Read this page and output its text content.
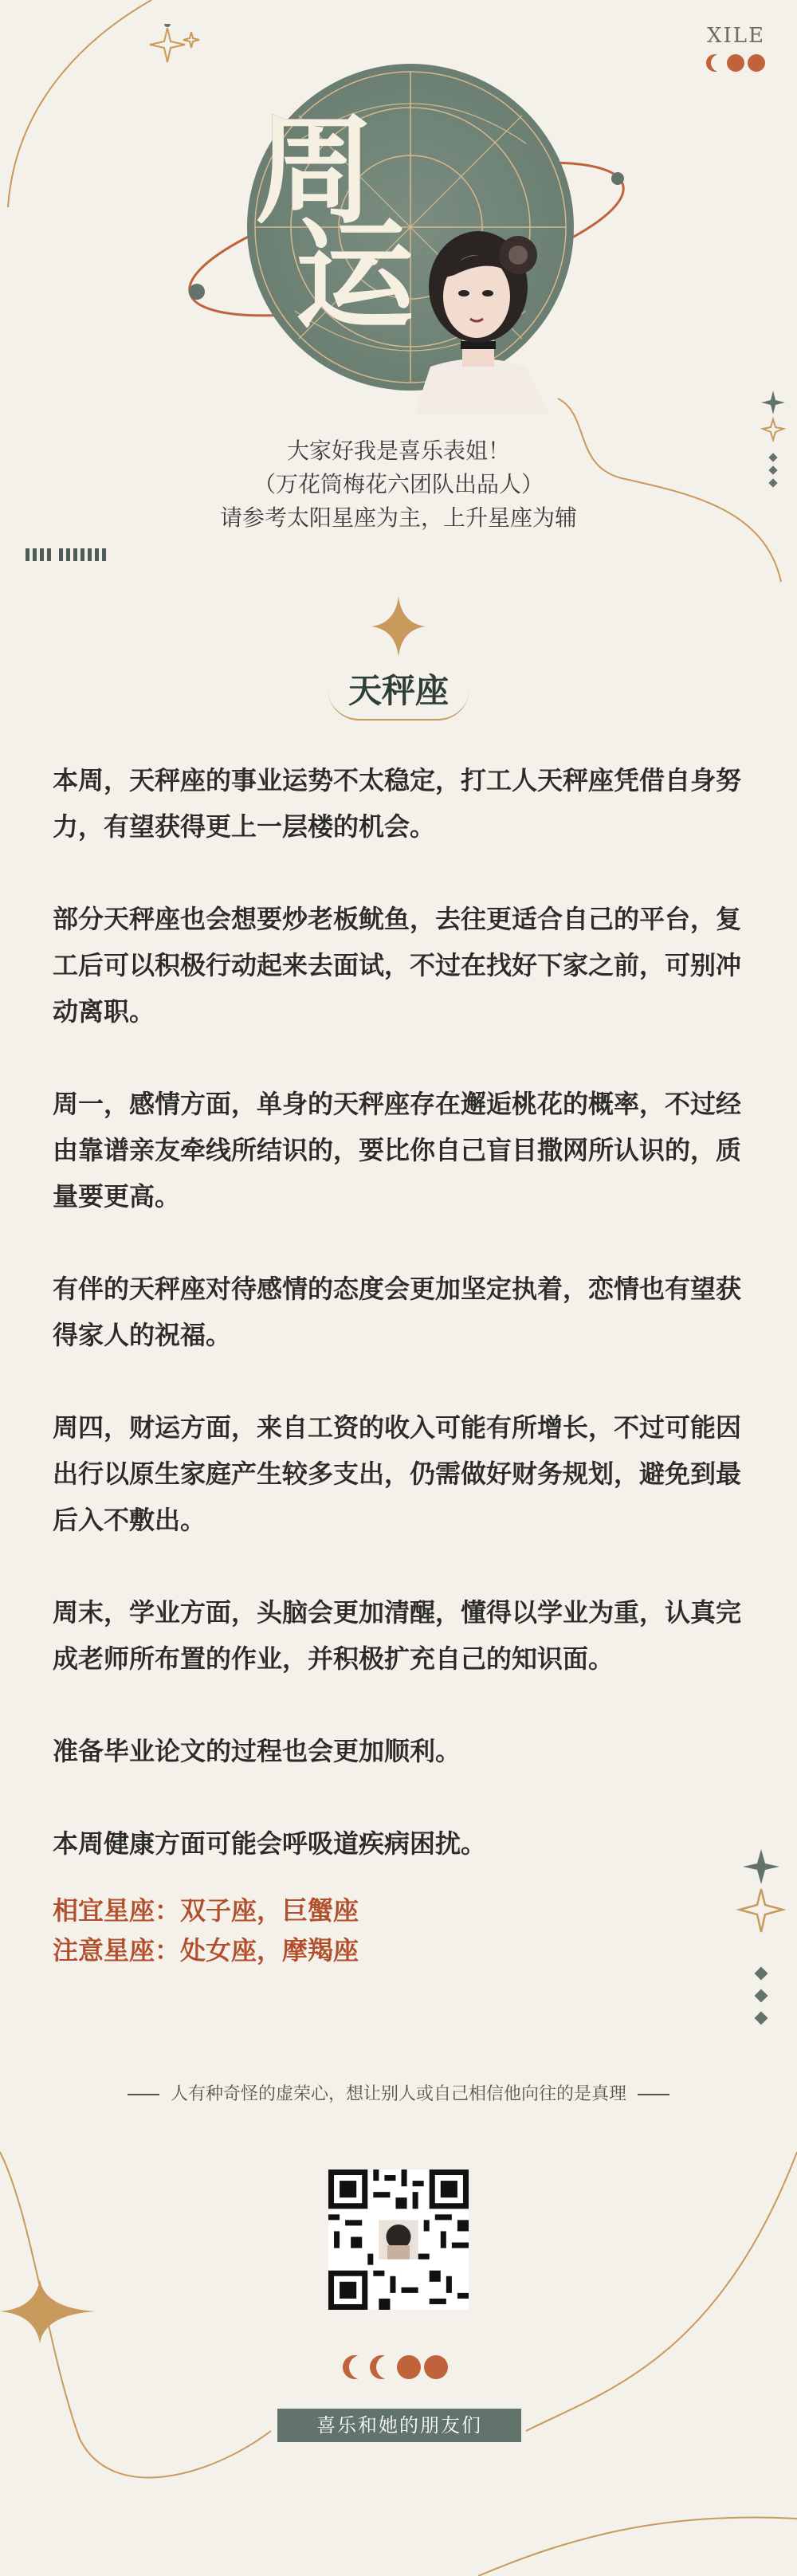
XILE
周
运
大家好我是喜乐表姐！
（万花筒梅花六团队出品人）
请参考太阳星座为主，上升星座为辅
天秤座

本周，天秤座的事业运势不太稳定，打工人天秤座凭借自身努力，有望获得更上一层楼的机会。

部分天秤座也会想要炒老板鱿鱼，去往更适合自己的平台，复工后可以积极行动起来去面试，不过在找好下家之前，可别冲动离职。

周一，感情方面，单身的天秤座存在邂逅桃花的概率，不过经由靠谱亲友牵线所结识的，要比你自己盲目撒网所认识的，质量要更高。

有伴的天秤座对待感情的态度会更加坚定执着，恋情也有望获得家人的祝福。

周四，财运方面，来自工资的收入可能有所增长，不过可能因出行以原生家庭产生较多支出，仍需做好财务规划，避免到最后入不敷出。

周末，学业方面，头脑会更加清醒，懂得以学业为重，认真完成老师所布置的作业，并积极扩充自己的知识面。

准备毕业论文的过程也会更加顺利。

本周健康方面可能会呼吸道疾病困扰。

相宜星座：双子座，巨蟹座
注意星座：处女座，摩羯座
人有种奇怪的虚荣心，想让别人或自己相信他向往的是真理
喜乐和她的朋友们
